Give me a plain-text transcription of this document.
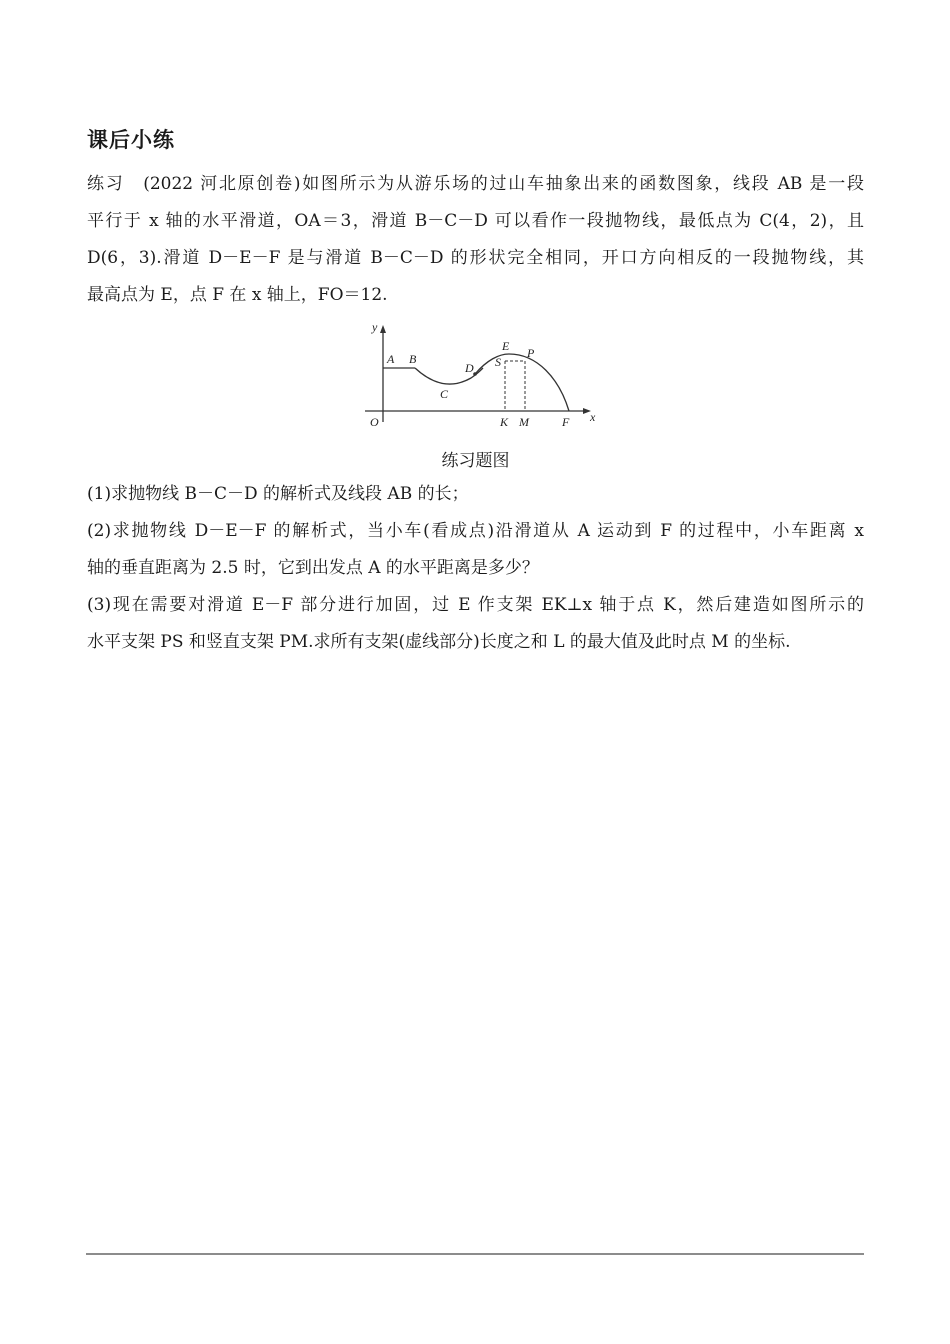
课后小练
练习　(2022 河北原创卷)如图所示为从游乐场的过山车抽象出来的函数图象，线段 AB 是一段
平行于 x 轴的水平滑道，OA＝3，滑道 B－C－D 可以看作一段抛物线，最低点为 C(4，2)，且
D(6，3).滑道 D－E－F 是与滑道 B－C－D 的形状完全相同，开口方向相反的一段抛物线，其
最高点为 E，点 F 在 x 轴上，FO＝12.
y
x
O
A B
C
D
E
S
P
K M	F
练习题图
(1)求抛物线 B－C－D 的解析式及线段 AB 的长；
(2)求抛物线 D－E－F 的解析式，当小车(看成点)沿滑道从 A 运动到 F 的过程中，小车距离 x
轴的垂直距离为 2.5 时，它到出发点 A 的水平距离是多少？
(3)现在需要对滑道 E－F 部分进行加固，过 E 作支架 EK⊥x 轴于点 K，然后建造如图所示的
水平支架 PS 和竖直支架 PM.求所有支架(虚线部分)长度之和 L 的最大值及此时点 M 的坐标.
